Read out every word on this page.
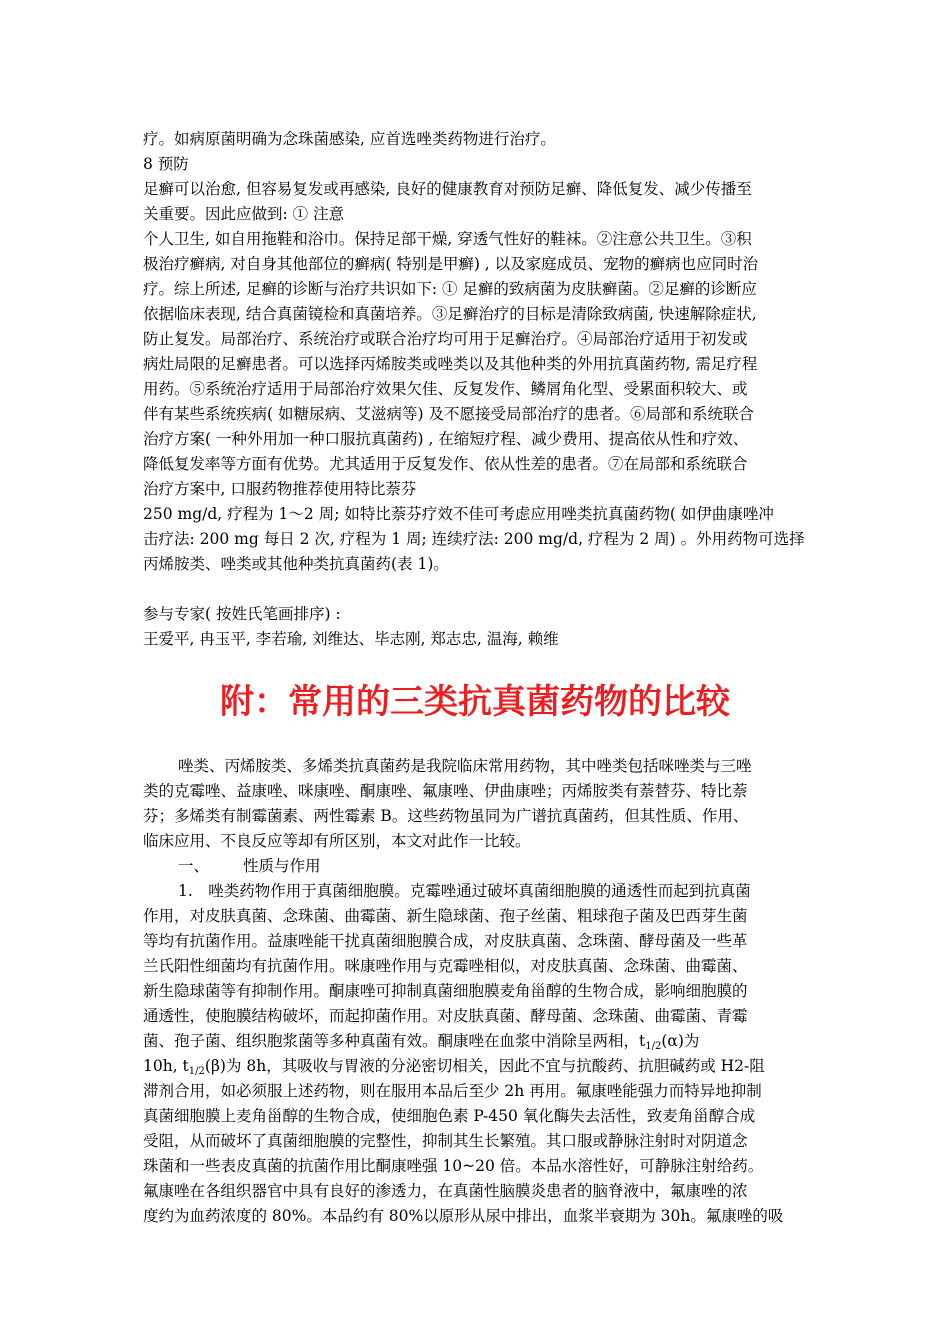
疗。如病原菌明确为念珠菌感染, 应首选唑类药物进行治疗。
8 预防
足癣可以治愈, 但容易复发或再感染, 良好的健康教育对预防足癣、降低复发、减少传播至
关重要。因此应做到: ① 注意
个人卫生, 如自用拖鞋和浴巾。保持足部干燥, 穿透气性好的鞋袜。②注意公共卫生。③积
极治疗癣病, 对自身其他部位的癣病( 特别是甲癣) , 以及家庭成员、宠物的癣病也应同时治
疗。综上所述, 足癣的诊断与治疗共识如下: ① 足癣的致病菌为皮肤癣菌。②足癣的诊断应
依据临床表现, 结合真菌镜检和真菌培养。③足癣治疗的目标是清除致病菌, 快速解除症状,
防止复发。局部治疗、系统治疗或联合治疗均可用于足癣治疗。④局部治疗适用于初发或
病灶局限的足癣患者。可以选择丙烯胺类或唑类以及其他种类的外用抗真菌药物, 需足疗程
用药。⑤系统治疗适用于局部治疗效果欠佳、反复发作、鳞屑角化型、受累面积较大、或
伴有某些系统疾病( 如糖尿病、艾滋病等) 及不愿接受局部治疗的患者。⑥局部和系统联合
治疗方案( 一种外用加一种口服抗真菌药) , 在缩短疗程、减少费用、提高依从性和疗效、
降低复发率等方面有优势。尤其适用于反复发作、依从性差的患者。⑦在局部和系统联合
治疗方案中, 口服药物推荐使用特比萘芬
250 mg/d, 疗程为 1～2 周; 如特比萘芬疗效不佳可考虑应用唑类抗真菌药物( 如伊曲康唑冲
击疗法: 200 mg 每日 2 次, 疗程为 1 周; 连续疗法: 200 mg/d, 疗程为 2 周) 。外用药物可选择
丙烯胺类、唑类或其他种类抗真菌药(表 1)。
参与专家( 按姓氏笔画排序) :
王爱平, 冉玉平, 李若瑜, 刘维达、毕志刚, 郑志忠, 温海, 赖维
附：常用的三类抗真菌药物的比较
唑类、丙烯胺类、多烯类抗真菌药是我院临床常用药物，其中唑类包括咪唑类与三唑
类的克霉唑、益康唑、咪康唑、酮康唑、氟康唑、伊曲康唑；丙烯胺类有萘替芬、特比萘
芬；多烯类有制霉菌素、两性霉素 B。这些药物虽同为广谱抗真菌药，但其性质、作用、
临床应用、不良反应等却有所区别，本文对此作一比较。
一、 性质与作用
1.　唑类药物作用于真菌细胞膜。克霉唑通过破坏真菌细胞膜的通透性而起到抗真菌
作用，对皮肤真菌、念珠菌、曲霉菌、新生隐球菌、孢子丝菌、粗球孢子菌及巴西芽生菌
等均有抗菌作用。益康唑能干扰真菌细胞膜合成，对皮肤真菌、念珠菌、酵母菌及一些革
兰氏阳性细菌均有抗菌作用。咪康唑作用与克霉唑相似，对皮肤真菌、念珠菌、曲霉菌、
新生隐球菌等有抑制作用。酮康唑可抑制真菌细胞膜麦角甾醇的生物合成，影响细胞膜的
通透性，使胞膜结构破坏，而起抑菌作用。对皮肤真菌、酵母菌、念珠菌、曲霉菌、青霉
菌、孢子菌、组织胞浆菌等多种真菌有效。酮康唑在血浆中消除呈两相，$t_{1/2}(\alpha)$为
10h, $t_{1/2}(\beta)$为 8h，其吸收与胃液的分泌密切相关，因此不宜与抗酸药、抗胆碱药或 H2-阻
滞剂合用，如必须服上述药物，则在服用本品后至少 2h 再用。氟康唑能强力而特异地抑制
真菌细胞膜上麦角甾醇的生物合成，使细胞色素 P-450 氧化酶失去活性，致麦角甾醇合成
受阻，从而破坏了真菌细胞膜的完整性，抑制其生长繁殖。其口服或静脉注射时对阴道念
珠菌和一些表皮真菌的抗菌作用比酮康唑强 10~20 倍。本品水溶性好，可静脉注射给药。
氟康唑在各组织器官中具有良好的渗透力，在真菌性脑膜炎患者的脑脊液中，氟康唑的浓
度约为血药浓度的 80%。本品约有 80%以原形从尿中排出，血浆半衰期为 30h。氟康唑的吸
